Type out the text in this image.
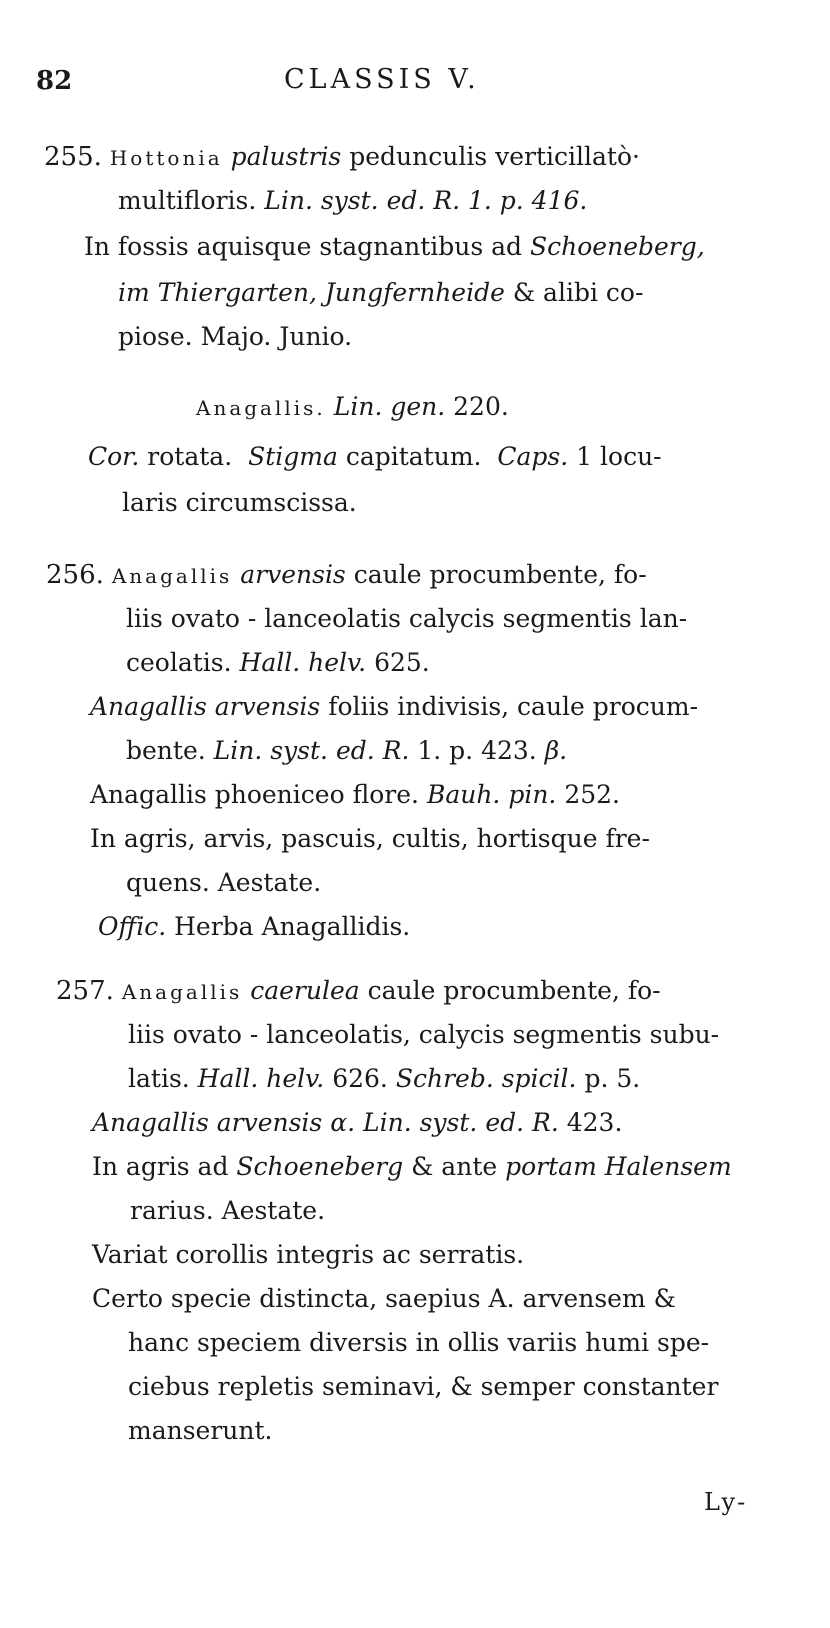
82	CLASSIS V.
255. Hottonia palustris pedunculis verticillatò·
multifloris. Lin. syst. ed. R. 1. p. 416.
In fossis aquisque stagnantibus ad Schoeneberg,
im Thiergarten, Jungfernheide & alibi co-
piose. Majo. Junio.
Anagallis. Lin. gen. 220.
Cor. rotata. Stigma capitatum. Caps. 1 locu-
laris circumscissa.
256. Anagallis arvensis caule procumbente, fo-
liis ovato - lanceolatis calycis segmentis lan-
ceolatis. Hall. helv. 625.
Anagallis arvensis foliis indivisis, caule procum-
bente. Lin. syst. ed. R. 1. p. 423. β.
Anagallis phoeniceo flore. Bauh. pin. 252.
In agris, arvis, pascuis, cultis, hortisque fre-
quens. Aestate.
Offic. Herba Anagallidis.
257. Anagallis caerulea caule procumbente, fo-
liis ovato - lanceolatis, calycis segmentis subu-
latis. Hall. helv. 626. Schreb. spicil. p. 5.
Anagallis arvensis α. Lin. syst. ed. R. 423.
In agris ad Schoeneberg & ante portam Halensem
rarius. Aestate.
Variat corollis integris ac serratis.
Certo specie distincta, saepius A. arvensem &
hanc speciem diversis in ollis variis humi spe-
ciebus repletis seminavi, & semper constanter
manserunt.
Ly-
